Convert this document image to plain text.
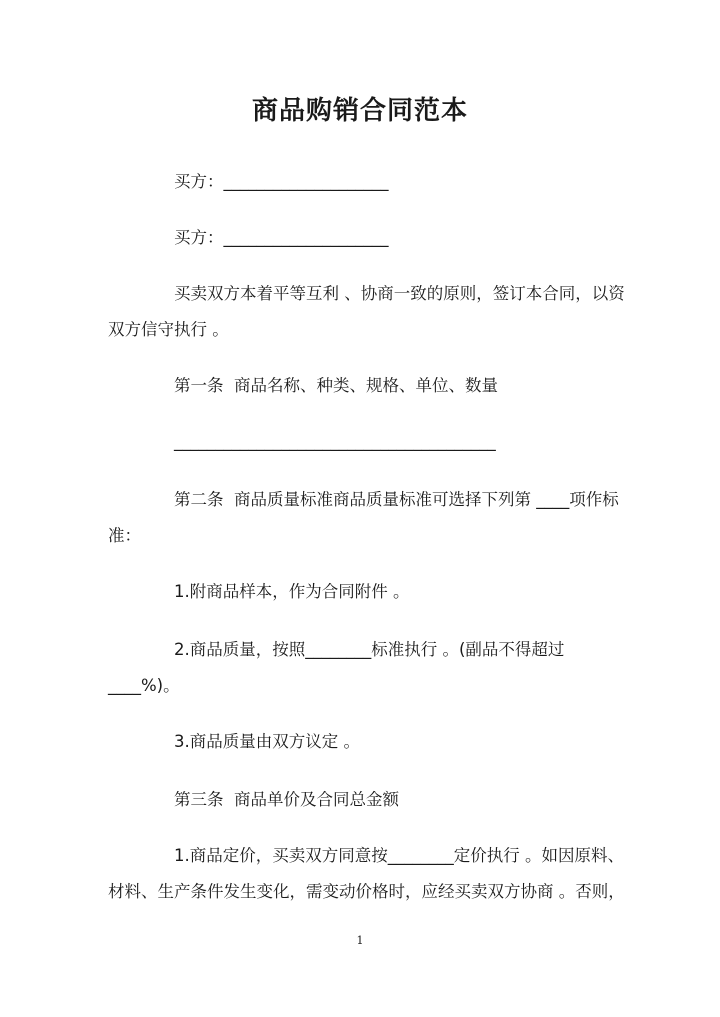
商品购销合同范本
买方：____________________
买方：____________________
买卖双方本着平等互利 、协商一致的原则，签订本合同，以资双方信守执行 。
第一条  商品名称、种类、规格、单位、数量
_______________________________________
第二条  商品质量标准商品质量标准可选择下列第 ____项作标准：
1.附商品样本，作为合同附件 。
2.商品质量，按照________标准执行 。(副品不得超过____%)。
3.商品质量由双方议定 。
第三条  商品单价及合同总金额
1.商品定价，买卖双方同意按________定价执行 。如因原料、材料、生产条件发生变化，需变动价格时，应经买卖双方协商 。否则，
1
